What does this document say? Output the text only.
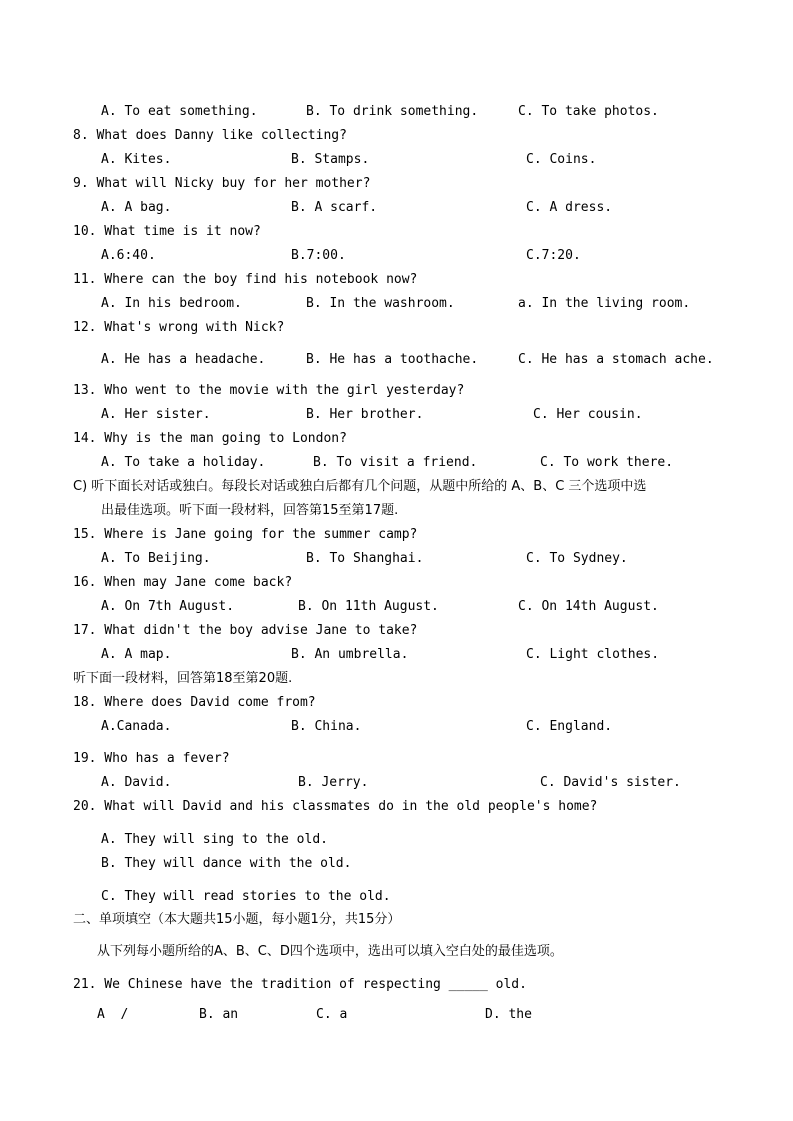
A. To eat something.	B. To drink something.	C. To take photos.
8. What does Danny like collecting?
A. Kites.	B. Stamps.	C. Coins.
9. What will Nicky buy for her mother?
A. A bag.	B. A scarf.	C. A dress.
10. What time is it now?
A.6:40.	B.7:00.	C.7:20.
11. Where can the boy find his notebook now?
A. In his bedroom.	B. In the washroom.	a. In the living room.
12. What's wrong with Nick?
A. He has a headache.	B. He has a toothache.	C. He has a stomach ache.
13. Who went to the movie with the girl yesterday?
A. Her sister.	B. Her brother.	C. Her cousin.
14. Why is the man going to London?
A. To take a holiday.	B. To visit a friend.	C. To work there.
C) 听下面长对话或独白。每段长对话或独白后都有几个问题，从题中所给的 A、B、C 三个选项中选
出最佳选项。听下面一段材料，回答第15至第17题.
15. Where is Jane going for the summer camp?
A. To Beijing.	B. To Shanghai.	C. To Sydney.
16. When may Jane come back?
A. On 7th August.	B. On 11th August.	C. On 14th August.
17. What didn't the boy advise Jane to take?
A. A map.	B. An umbrella.	C. Light clothes.
听下面一段材料，回答第18至第20题.
18. Where does David come from?
A.Canada.	B. China.	C. England.
19. Who has a fever?
A. David.	B. Jerry.	C. David's sister.
20. What will David and his classmates do in the old people's home?
A. They will sing to the old.
B. They will dance with the old.
C. They will read stories to the old.
二、单项填空（本大题共15小题，每小题1分，共15分）
从下列每小题所给的A、B、C、D四个选项中，选出可以填入空白处的最佳选项。
21. We Chinese have the tradition of respecting _____ old.
A  /	B. an	C. a	D. the
